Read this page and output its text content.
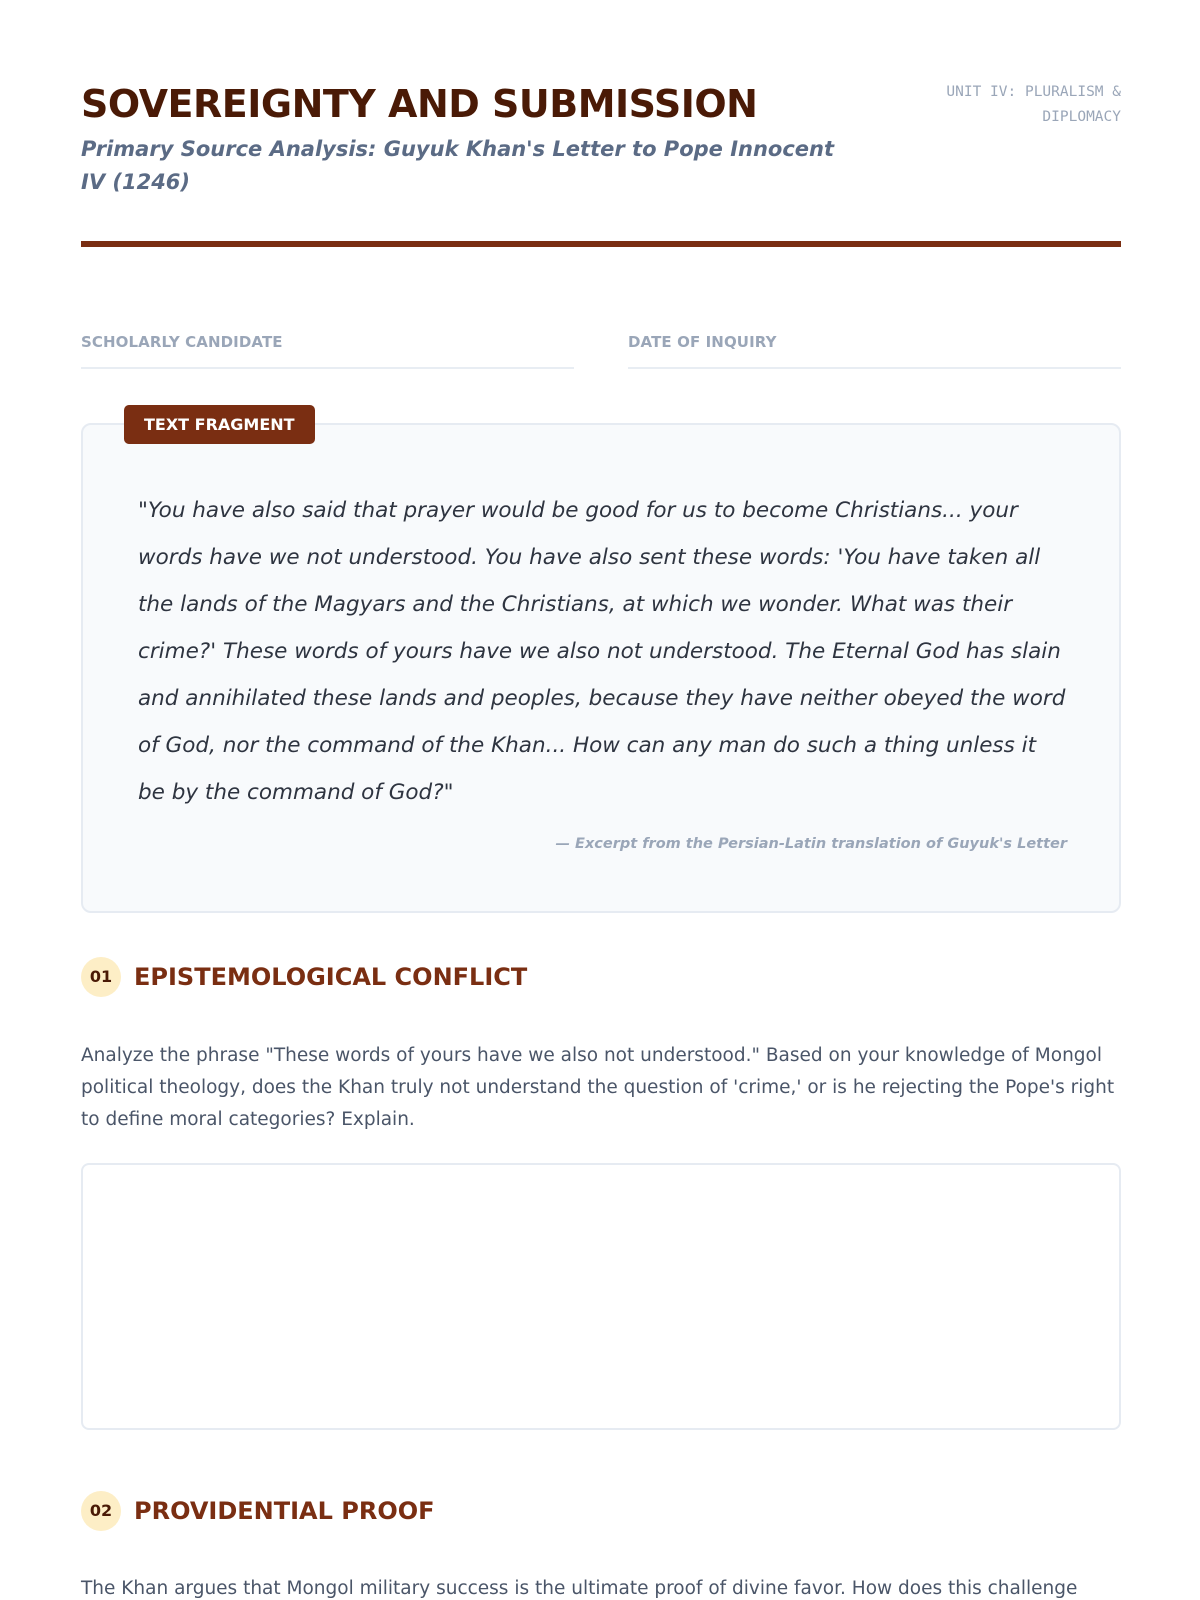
SOVEREIGNTY AND SUBMISSION
Primary Source Analysis: Guyuk Khan's Letter to Pope Innocent IV (1246)
UNIT IV: PLURALISM &
DIPLOMACY
SCHOLARLY CANDIDATE	DATE OF INQUIRY
TEXT FRAGMENT
"You have also said that prayer would be good for us to become Christians... your words have we not understood. You have also sent these words: 'You have taken all the lands of the Magyars and the Christians, at which we wonder. What was their crime?' These words of yours have we also not understood. The Eternal God has slain and annihilated these lands and peoples, because they have neither obeyed the word of God, nor the command of the Khan... How can any man do such a thing unless it be by the command of God?"
— Excerpt from the Persian-Latin translation of Guyuk's Letter
01 EPISTEMOLOGICAL CONFLICT
Analyze the phrase "These words of yours have we also not understood." Based on your knowledge of Mongol political theology, does the Khan truly not understand the question of 'crime,' or is he rejecting the Pope's right to define moral categories? Explain.
02 PROVIDENTIAL PROOF
The Khan argues that Mongol military success is the ultimate proof of divine favor. How does this challenge
